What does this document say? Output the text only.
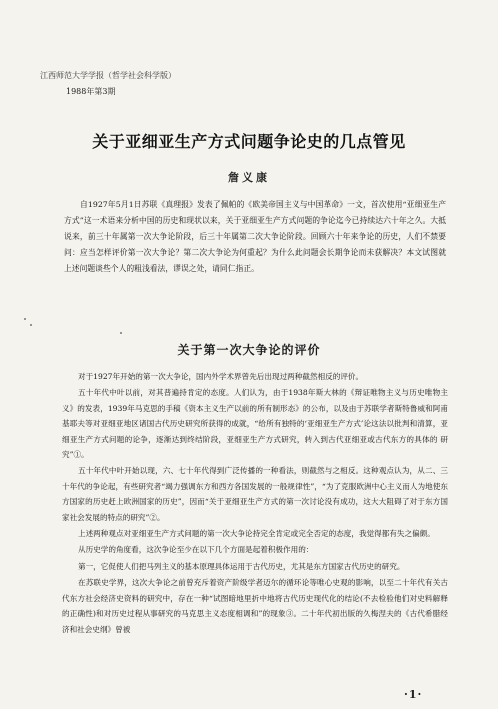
江西师范大学学报（哲学社会科学版）
1988年第3期
关于亚细亚生产方式问题争论史的几点管见
詹义康

自1927年5月1日苏联《真理报》发表了佩帕的《欧美帝国主义与中国革命》一文，首次使用“亚细亚生产方式”这一术语来分析中国的历史和现状以来，关于亚细亚生产方式问题的争论迄今已持续达六十年之久。大抵说来，前三十年属第一次大争论阶段，后三十年属第二次大争论阶段。回顾六十年来争论的历史，人们不禁要问：应当怎样评价第一次大争论？第二次大争论为何重起？为什么此问题会长期争论而未获解决？本文试图就上述问题谈些个人的粗浅看法，谬误之处，请同仁指正。

关于第一次大争论的评价

对于1927年开始的第一次大争论，国内外学术界曾先后出现过两种截然相反的评价。

五十年代中叶以前，对其普遍持肯定的态度。人们认为，由于1938年斯大林的《辩证唯物主义与历史唯物主义》的发表，1939年马克思的手稿《资本主义生产以前的所有制形态》的公布，以及由于苏联学者斯特鲁威和阿甫基耶夫等对亚细亚地区诸国古代历史研究所获得的成就，“给所有独特的‘亚细亚生产方式’论这法以批判和清算，亚细亚生产方式问题的论争，逐渐达到终结阶段，亚细亚生产方式研究，转入到古代亚细亚或古代东方的具体的 研究”①。

五十年代中叶开始以现，六、七十年代得到广泛传播的一种看法，则截然与之相反。这种观点认为，从二、三十年代的争论起，有些研究者“竭力强调东方和西方各国发展的一般规律性”，“为了克服欧洲中心主义而人为地使东方国家的历史赶上欧洲国家的历史”，因而“关于亚细亚生产方式的第一次讨论没有成功，这大大阻碍了对于东方国家社会发展的特点的研究”②。

上述两种观点对亚细亚生产方式问题的第一次大争论持完全肯定或完全否定的态度，我觉得都有失之偏颇。

从历史学的角度看，这次争论至少在以下几个方面是起着积极作用的：

第一，它促使人们把马列主义的基本原理具体运用于古代历史，尤其是东方国家古代历史的研究。

在苏联史学界，这次大争论之前曾充斥着资产阶级学者迈尔的循环论等唯心史观的影响，以至二十年代有关古代东方社会经济史资料的研究中，存在一种“试图暗地里折中地将古代历史现代化的结论(不去检验他们对史料解释的正确性)和对历史过程从事研究的马克思主义态度相调和”的现象③。二十年代初出版的久梅涅夫的《古代希腊经济和社会史纲》曾被

·1·
